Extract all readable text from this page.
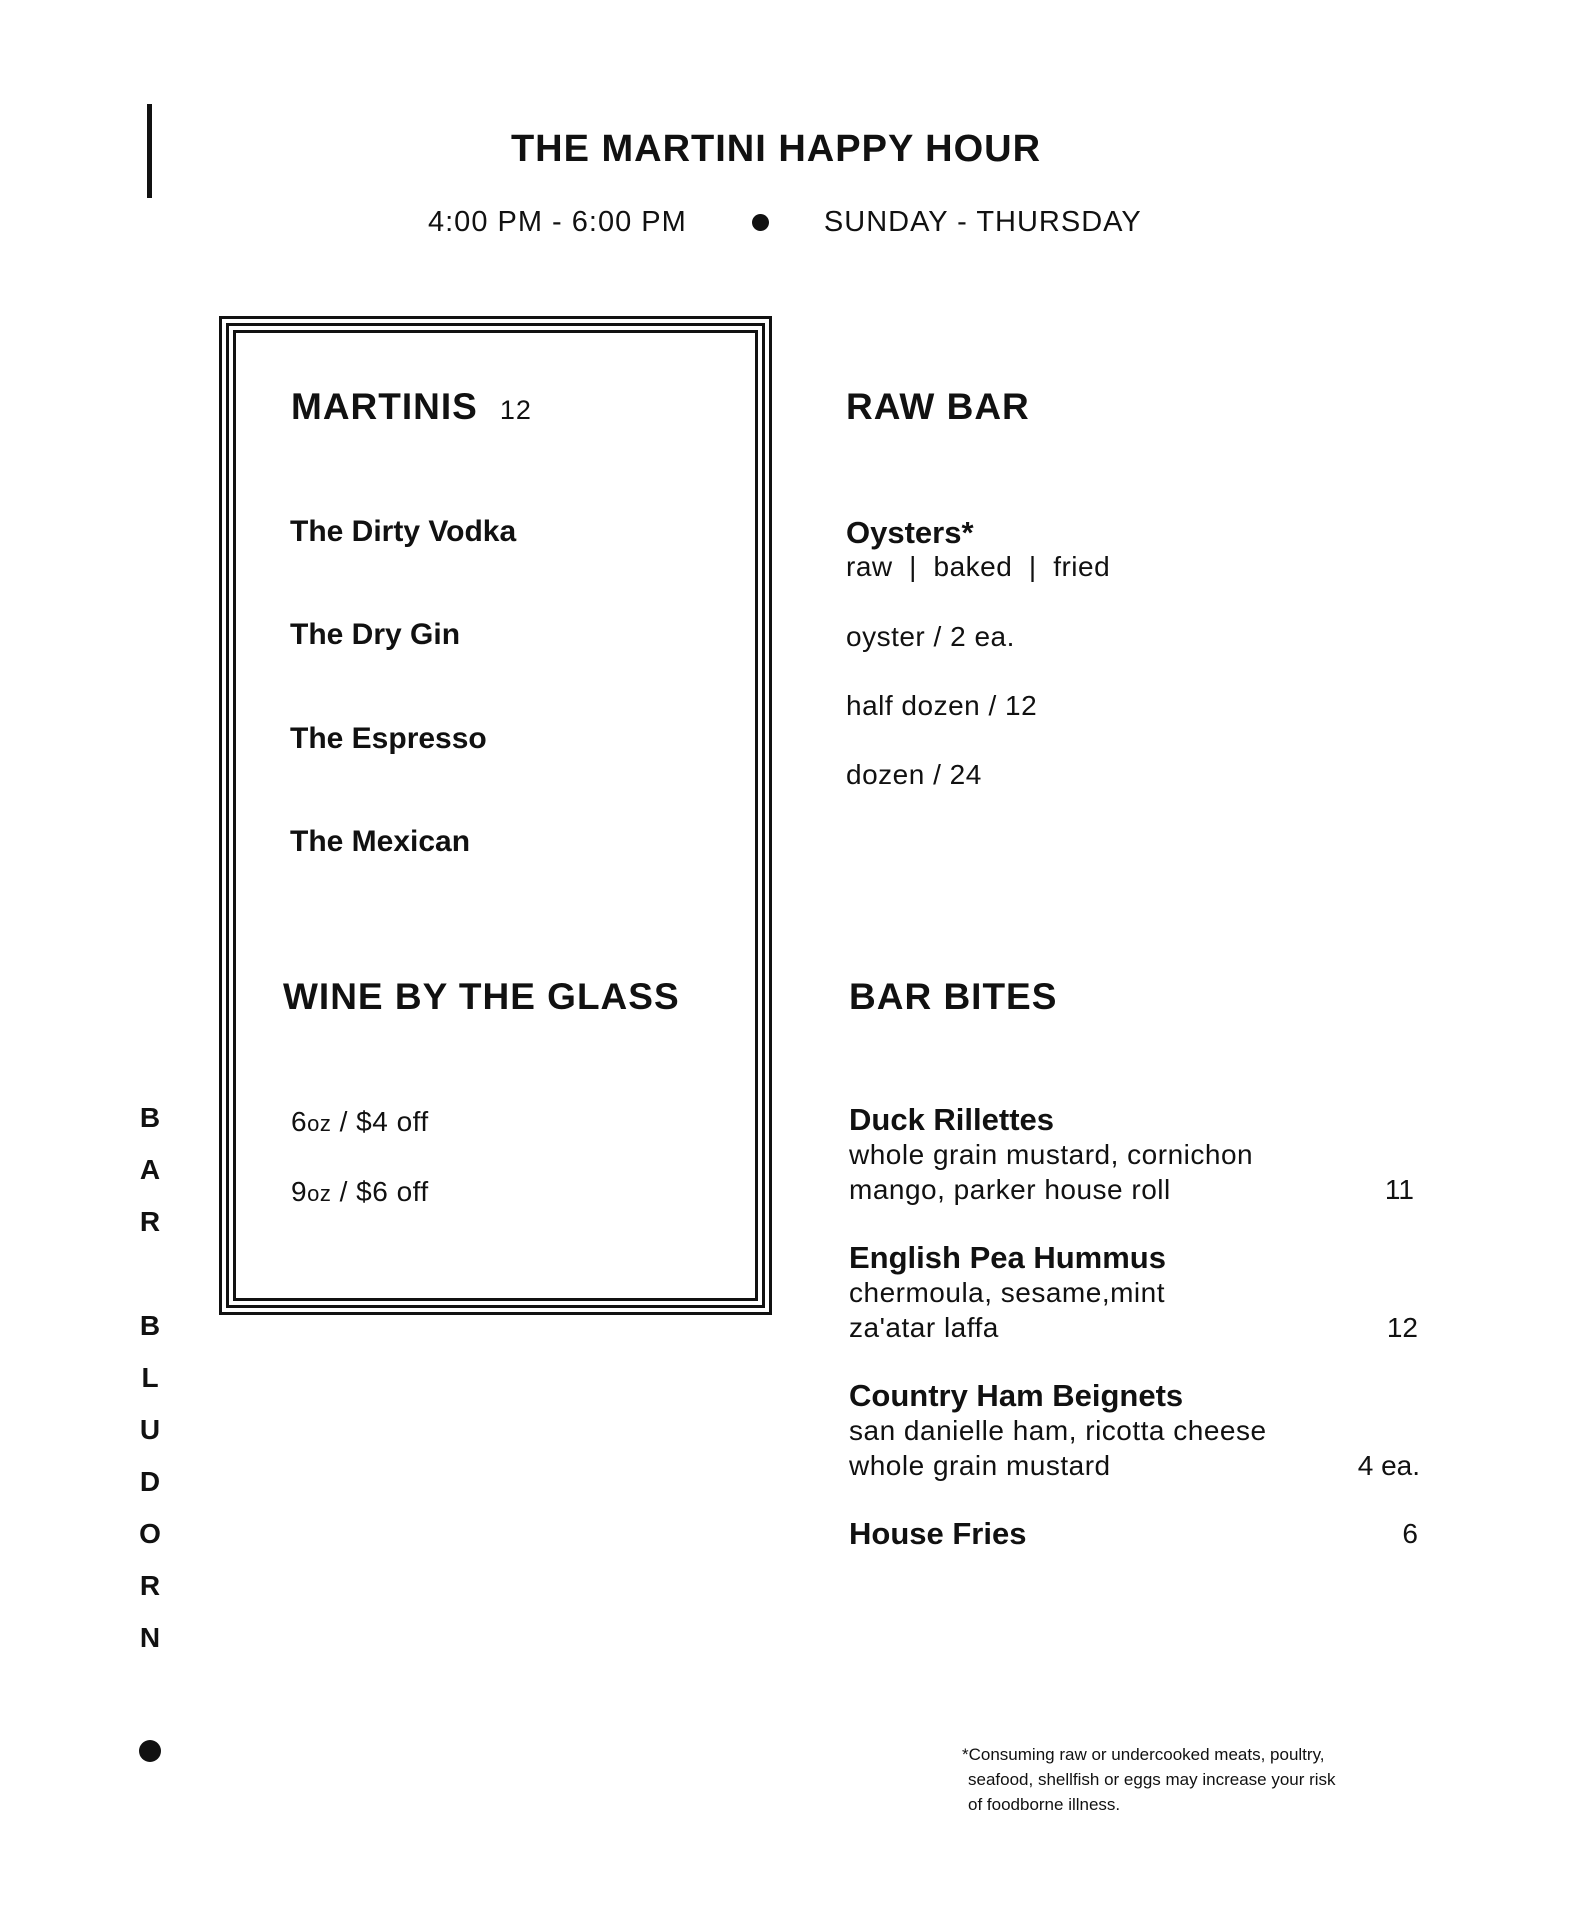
THE MARTINI HAPPY HOUR
4:00 PM - 6:00 PM	SUNDAY - THURSDAY
MARTINIS 12
The Dirty Vodka
The Dry Gin
The Espresso
The Mexican
WINE BY THE GLASS
6oz / $4 off
9oz / $6 off
RAW BAR
Oysters*
raw  |  baked  |  fried
oyster / 2 ea.
half dozen / 12
dozen / 24
BAR BITES
Duck Rillettes
whole grain mustard, cornichon
mango, parker house roll	11
English Pea Hummus
chermoula, sesame,mint
za'atar laffa	12
Country Ham Beignets
san danielle ham, ricotta cheese
whole grain mustard	4 ea.
House Fries	6
B
A
R
B
L
U
D
O
R
N
*Consuming raw or undercooked meats, poultry,
seafood, shellfish or eggs may increase your risk
of foodborne illness.
